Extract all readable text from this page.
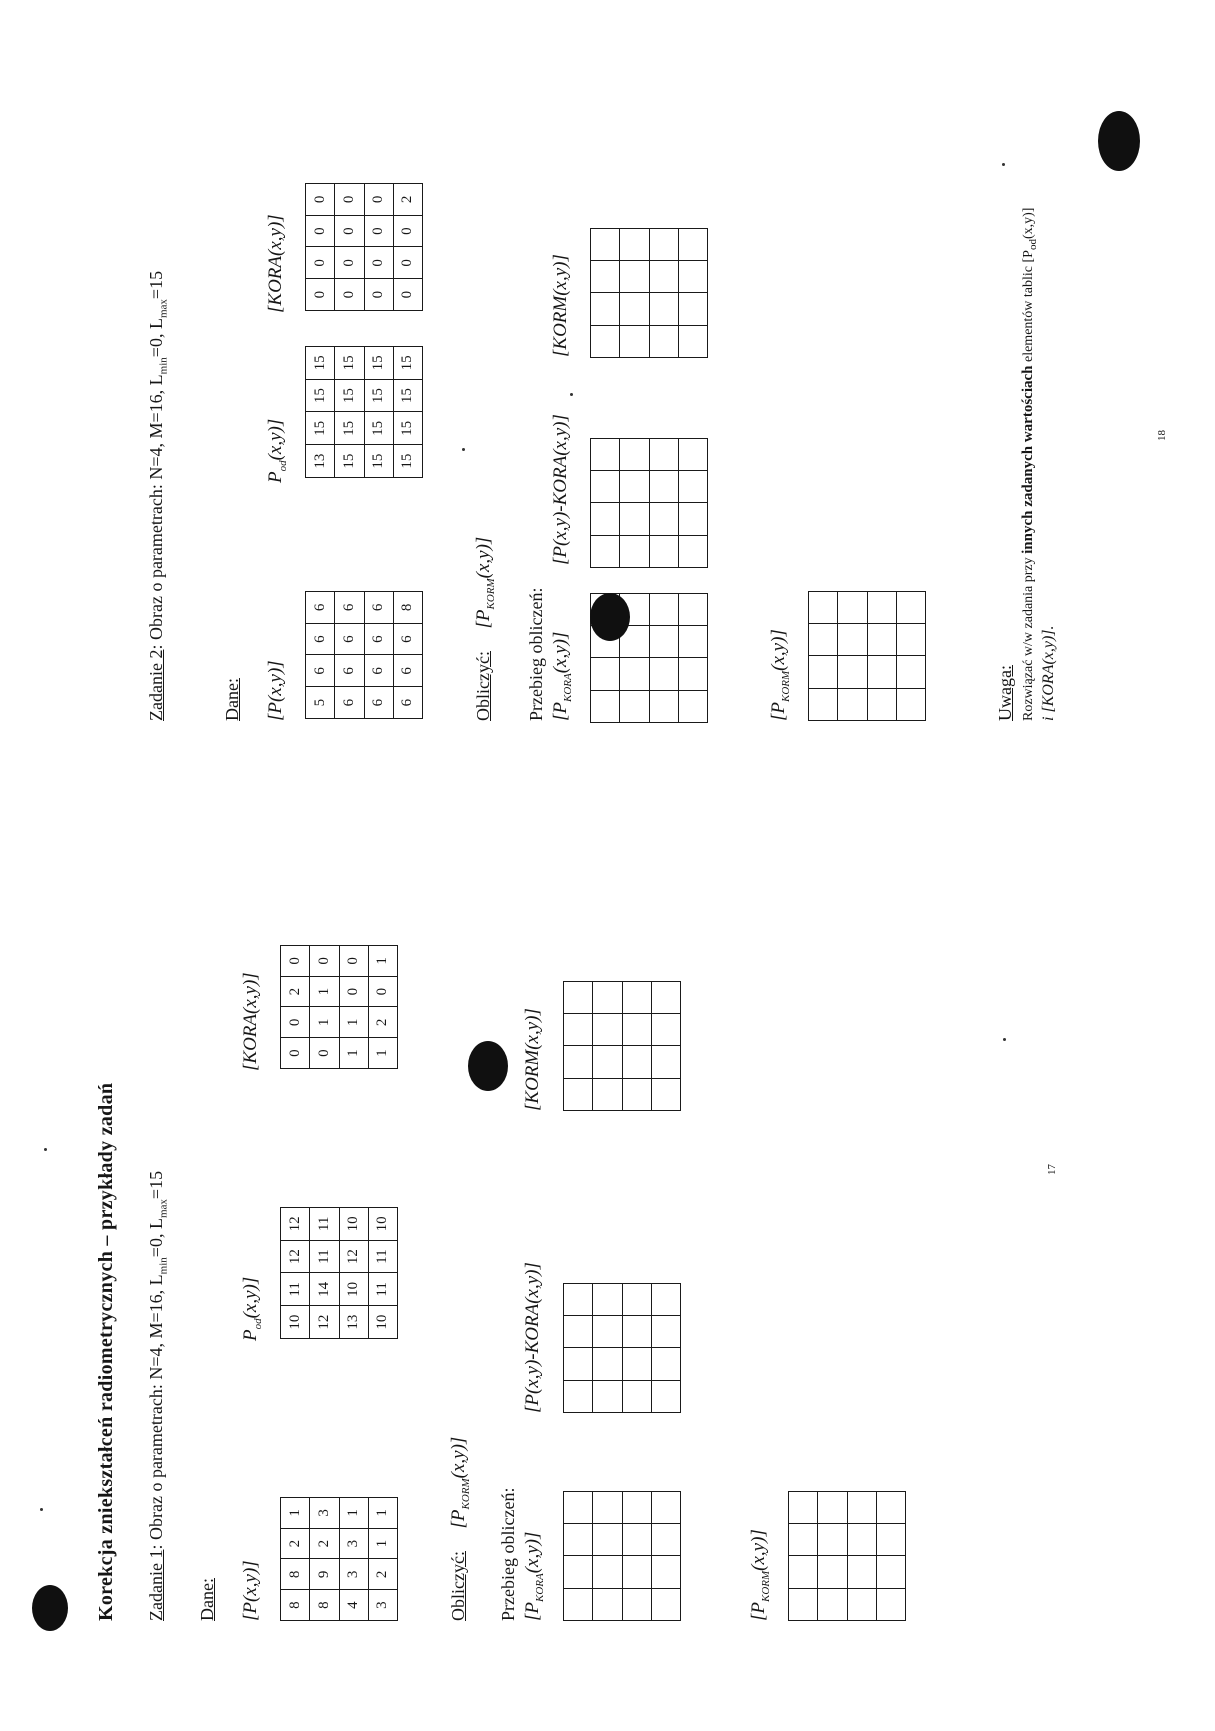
Korekcja zniekształceń radiometrycznych – przykłady zadań Zadanie 1: Obraz o parametrach: N=4, M=16, $L_{min}=0$, $L_{max}=15$
Dane: [P(x,y)]
$P_{od}(x,y)$]
[KORA(x,y)]
8	8	2	1
8	9	2	3
4	3	3	1
3	2	1	1
10	11	12	12
12	14	11	11
13	10	12	10
10	11	11	10
0	0	2	0
0	1	1	0
1	1	0	0
1	2	0	1
Obliczyć: $[P_{KORM}(x,y)]$
Przebieg obliczeń: $[P_{KORA}(x,y)]$
[P(x,y)-KORA(x,y)]
[KORM(x,y)]

$[P_{KORM}(x,y)]$

17
Zadanie 2: Obraz o parametrach: N=4, M=16, $L_{min}=0$, $L_{max}=15$
Dane: [P(x,y)]
$P_{od}(x,y)$]
[KORA(x,y)]
5	6	6	6
6	6	6	6
6	6	6	6
6	6	6	8
13	15	15	15
15	15	15	15
15	15	15	15
15	15	15	15
0	0	0	0
0	0	0	0
0	0	0	0
0	0	0	2
Obliczyć: $[P_{KORM}(x,y)]$
Przebieg obliczeń: $[P_{KORA}(x,y)]$
[P(x,y)-KORA(x,y)]
[KORM(x,y)]

$[P_{KORM}(x,y)]$

Uwaga: Rozwiązać w/w zadania przy innych zadanych wartościach elementów tablic $[P_{od}(x,y)]$
i [KORA(x,y)].
18
